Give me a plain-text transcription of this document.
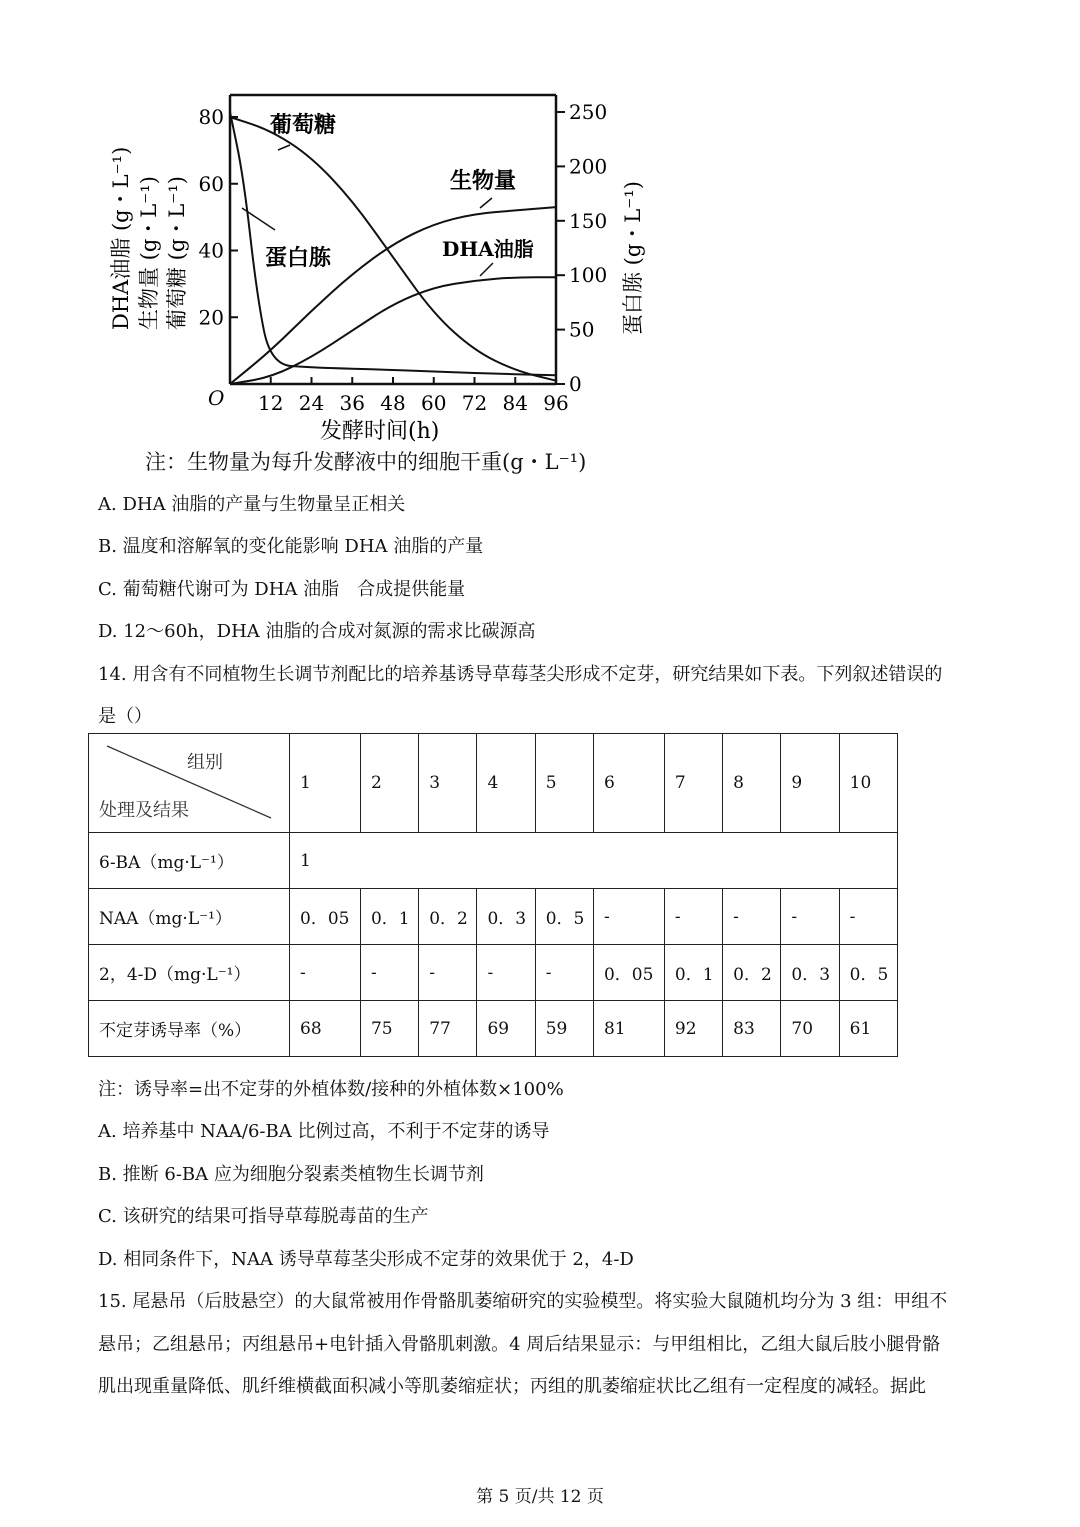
12 24 36 48 60 72 84 96
20
40
60
80
0
50
100
150
200
250
O
发酵时间(h)
葡萄糖
蛋白胨
生物量
DHA油脂
DHA油脂 (g・L⁻¹) 生物量 (g・L⁻¹) 葡萄糖 (g・L⁻¹)	蛋白胨 (g・L⁻¹)
注：生物量为每升发酵液中的细胞干重(g・L⁻¹)
A. DHA 油脂的产量与生物量呈正相关
B. 温度和溶解氧的变化能影响 DHA 油脂的产量
C. 葡萄糖代谢可为 DHA 油脂　合成提供能量
D. 12～60h，DHA 油脂的合成对氮源的需求比碳源高
14. 用含有不同植物生长调节剂配比的培养基诱导草莓茎尖形成不定芽，研究结果如下表。下列叙述错误的
是（）
组别
处理及结果	1	2	3	4	5	6	7	8	9	10
6-BA（mg·L⁻¹）	1									
NAA（mg·L⁻¹）	0．05	0．1	0．2	0．3	0．5	-	-	-	-	-
2，4-D（mg·L⁻¹）	-	-	-	-	-	0．05	0．1	0．2	0．3	0．5
不定芽诱导率（%）	68	75	77	69	59	81	92	83	70	61
注：诱导率=出不定芽的外植体数/接种的外植体数×100%
A. 培养基中 NAA/6-BA 比例过高，不利于不定芽的诱导
B. 推断 6-BA 应为细胞分裂素类植物生长调节剂
C. 该研究的结果可指导草莓脱毒苗的生产
D. 相同条件下，NAA 诱导草莓茎尖形成不定芽的效果优于 2，4-D
15. 尾悬吊（后肢悬空）的大鼠常被用作骨骼肌萎缩研究的实验模型。将实验大鼠随机均分为 3 组：甲组不
悬吊；乙组悬吊；丙组悬吊+电针插入骨骼肌刺激。4 周后结果显示：与甲组相比，乙组大鼠后肢小腿骨骼
肌出现重量降低、肌纤维横截面积减小等肌萎缩症状；丙组的肌萎缩症状比乙组有一定程度的减轻。据此
第 5 页/共 12 页
